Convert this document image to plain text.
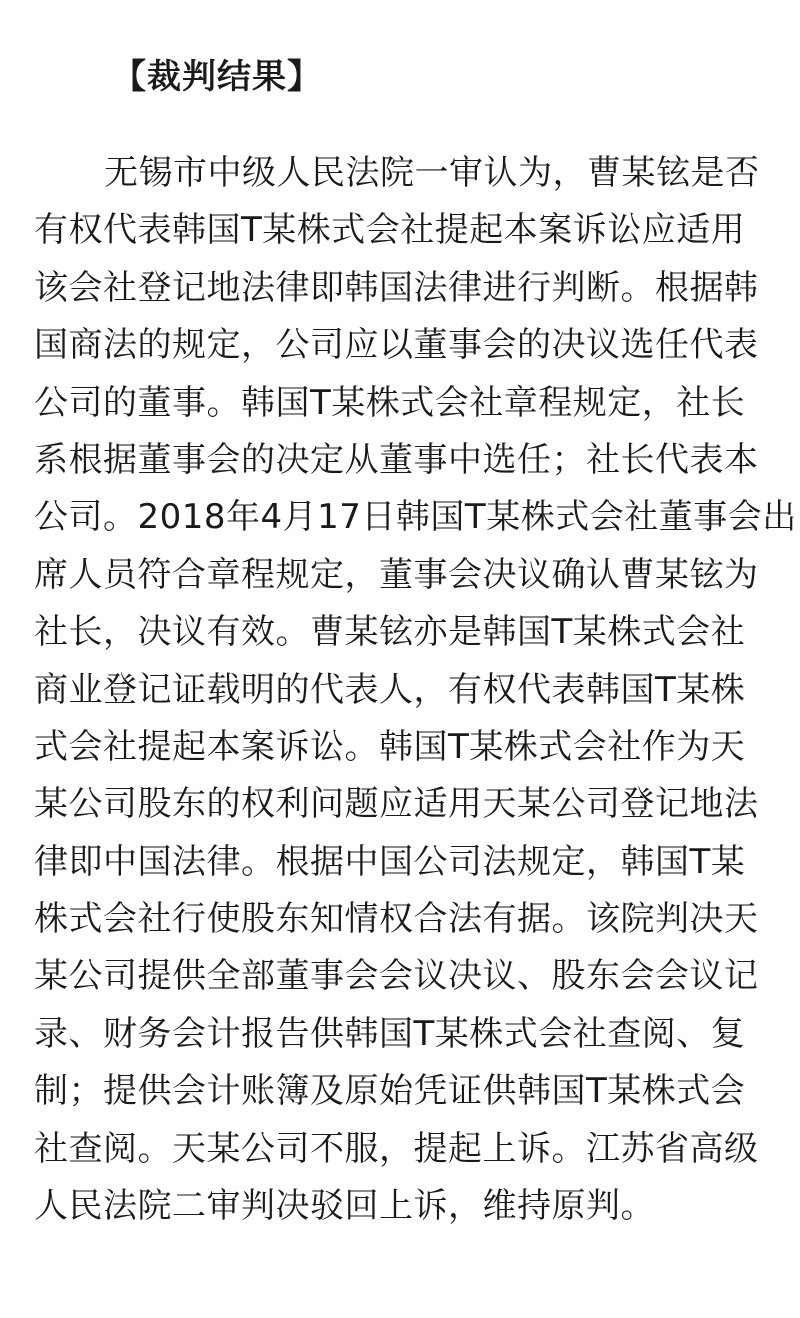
【裁判结果】
无锡市中级人民法院一审认为，曹某铉是否
有权代表韩国T某株式会社提起本案诉讼应适用
该会社登记地法律即韩国法律进行判断。根据韩
国商法的规定，公司应以董事会的决议选任代表
公司的董事。韩国T某株式会社章程规定，社长
系根据董事会的决定从董事中选任；社长代表本
公司。2018年4月17日韩国T某株式会社董事会出
席人员符合章程规定，董事会决议确认曹某铉为
社长，决议有效。曹某铉亦是韩国T某株式会社
商业登记证载明的代表人，有权代表韩国T某株
式会社提起本案诉讼。韩国T某株式会社作为天
某公司股东的权利问题应适用天某公司登记地法
律即中国法律。根据中国公司法规定，韩国T某
株式会社行使股东知情权合法有据。该院判决天
某公司提供全部董事会会议决议、股东会会议记
录、财务会计报告供韩国T某株式会社查阅、复
制；提供会计账簿及原始凭证供韩国T某株式会
社查阅。天某公司不服，提起上诉。江苏省高级
人民法院二审判决驳回上诉，维持原判。
